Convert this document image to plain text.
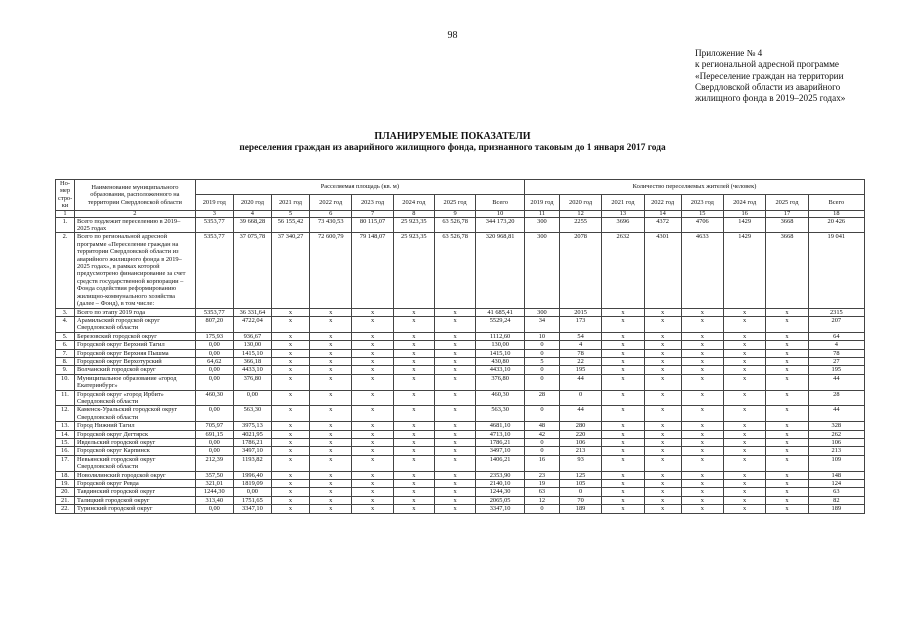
98
Приложение № 4
к региональной адресной программе
«Переселение граждан на территории
Свердловской области из аварийного
жилищного фонда в 2019–2025 годах»
ПЛАНИРУЕМЫЕ ПОКАЗАТЕЛИ
переселения граждан из аварийного жилищного фонда, признанного таковым до 1 января 2017 года
Но-мер стро-ки	Наименование муниципального образования, расположенного на территории Свердловской области	Расселяемая площадь (кв. м)								Количество переселяемых жителей (человек)							
		2019 год	2020 год	2021 год	2022 год	2023 год	2024 год	2025 год	Всего	2019 год	2020 год	2021 год	2022 год	2023 год	2024 год	2025 год	Всего
1	2	3	4	5	6	7	8	9	10	11	12	13	14	15	16	17	18
1.	Всего подлежит переселению в 2019–2025 годах	5353,77	39 668,28	56 155,42	73 430,53	80 115,07	25 923,35	63 526,78	344 173,20	300	2255	3696	4372	4706	1429	3668	20 426
2.	Всего по региональной адресной программе «Переселение граждан на территории Свердловской области из аварийного жилищного фонда в 2019–2025 годах», в рамках которой предусмотрено финансирование за счет средств государственной корпорации – Фонда содействия реформированию жилищно-коммунального хозяйства (далее – Фонд), в том числе:	5353,77	37 075,78	37 340,27	72 600,79	79 148,07	25 923,35	63 526,78	320 968,81	300	2078	2632	4301	4633	1429	3668	19 041
3.	Всего по этапу 2019 года	5353,77	36 331,64	х	х	х	х	х	41 685,41	300	2015	х	х	х	х	х	2315
4.	Арамильский городской округ Свердловской области	807,20	4722,04	х	х	х	х	х	5529,24	34	173	х	х	х	х	х	207
5.	Березовский городской округ	175,93	936,67	х	х	х	х	х	1112,60	10	54	х	х	х	х	х	64
6.	Городской округ Верхний Тагил	0,00	130,00	х	х	х	х	х	130,00	0	4	х	х	х	х	х	4
7.	Городской округ Верхняя Пышма	0,00	1415,10	х	х	х	х	х	1415,10	0	78	х	х	х	х	х	78
8.	Городской округ Верхотурский	64,62	366,18	х	х	х	х	х	430,80	5	22	х	х	х	х	х	27
9.	Волчанский городской округ	0,00	4433,10	х	х	х	х	х	4433,10	0	195	х	х	х	х	х	195
10.	Муниципальное образование «город Екатеринбург»	0,00	376,80	х	х	х	х	х	376,80	0	44	х	х	х	х	х	44
11.	Городской округ «город Ирбит» Свердловской области	460,30	0,00	х	х	х	х	х	460,30	28	0	х	х	х	х	х	28
12.	Каменск-Уральский городской округ Свердловской области	0,00	563,30	х	х	х	х	х	563,30	0	44	х	х	х	х	х	44
13.	Город Нижний Тагил	705,97	3975,13	х	х	х	х	х	4681,10	48	280	х	х	х	х	х	328
14.	Городской округ Дегтярск	691,15	4021,95	х	х	х	х	х	4713,10	42	220	х	х	х	х	х	262
15.	Ивдельский городской округ	0,00	1786,21	х	х	х	х	х	1786,21	0	106	х	х	х	х	х	106
16.	Городской округ Карпинск	0,00	3497,10	х	х	х	х	х	3497,10	0	213	х	х	х	х	х	213
17.	Невьянский городской округ Свердловской области	212,39	1193,82	х	х	х	х	х	1406,21	16	93	х	х	х	х	х	109
18.	Новолялинский городской округ	357,50	1996,40	х	х	х	х	х	2353,90	23	125	х	х	х	х	х	148
19.	Городской округ Ревда	321,01	1819,09	х	х	х	х	х	2140,10	19	105	х	х	х	х	х	124
20.	Тавдинский городской округ	1244,30	0,00	х	х	х	х	х	1244,30	63	0	х	х	х	х	х	63
21.	Талицкий городской округ	313,40	1751,65	х	х	х	х	х	2065,05	12	70	х	х	х	х	х	82
22.	Туринский городской округ	0,00	3347,10	х	х	х	х	х	3347,10	0	189	х	х	х	х	х	189
